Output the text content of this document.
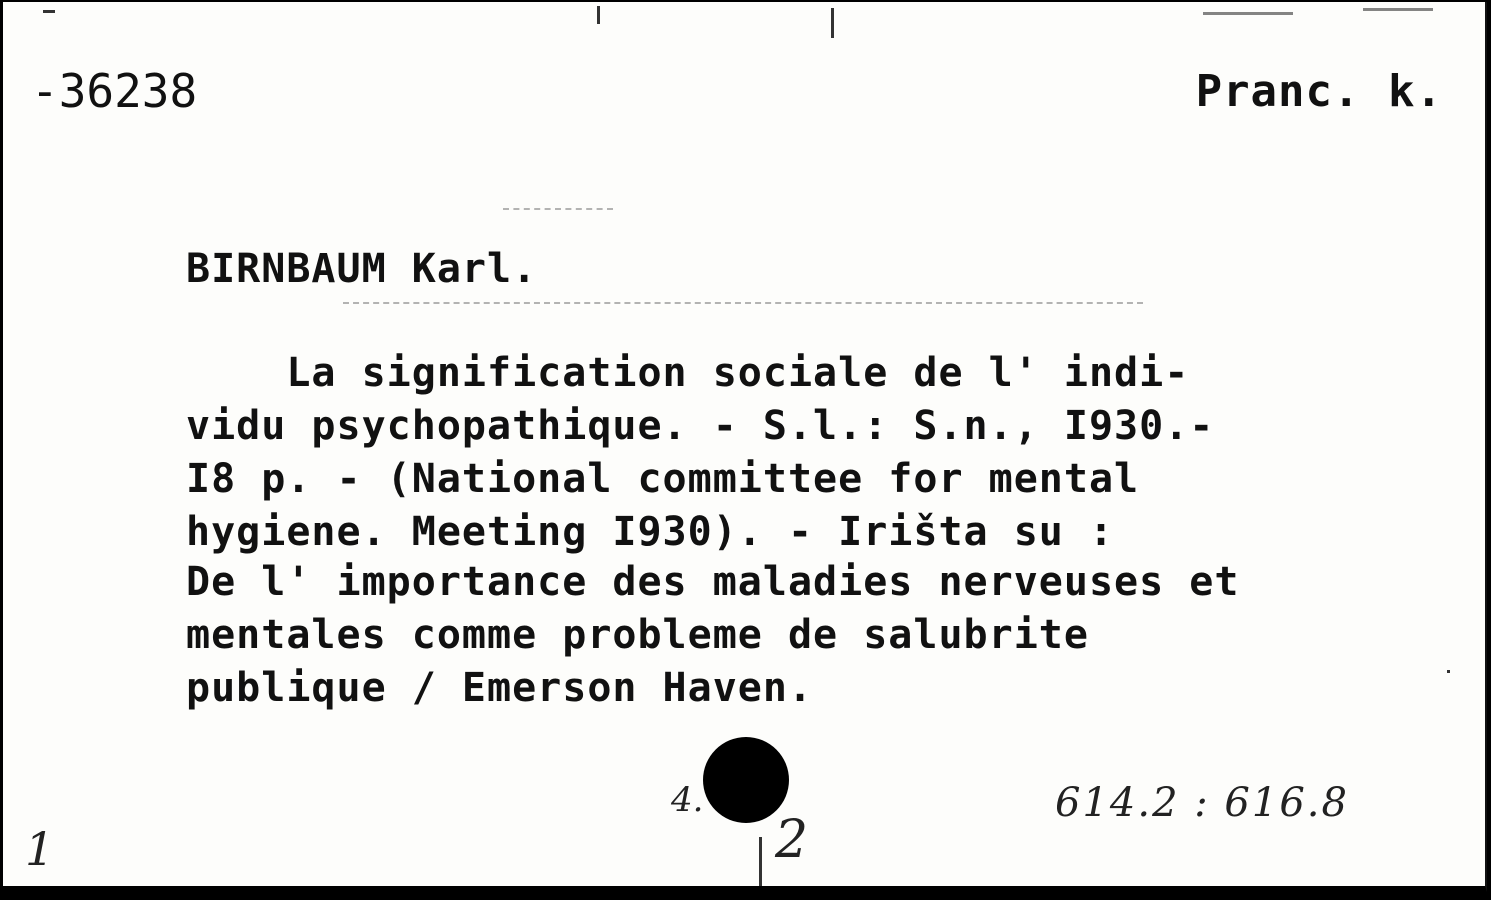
-36238	Pranc. k.
BIRNBAUM Karl.
La signification sociale de l' indi-
vidu psychopathique. - S.l.: S.n., I930.-
I8 p. - (National committee for mental
hygiene. Meeting I930). - Irišta su :
De l' importance des maladies nerveuses et
mentales comme probleme de salubrite
publique / Emerson Haven.
1
4.
2
614.2 : 616.8
